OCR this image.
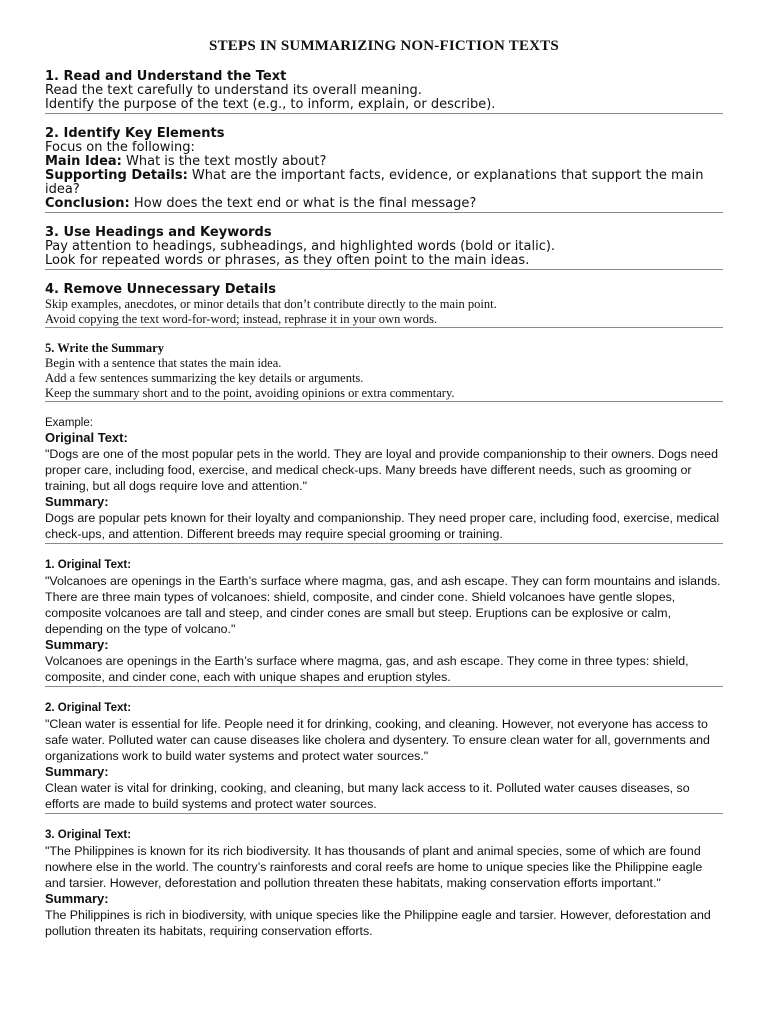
STEPS IN SUMMARIZING NON-FICTION TEXTS
1. Read and Understand the Text
Read the text carefully to understand its overall meaning.
Identify the purpose of the text (e.g., to inform, explain, or describe).
2. Identify Key Elements
Focus on the following:
Main Idea: What is the text mostly about?
Supporting Details: What are the important facts, evidence, or explanations that support the main idea?
Conclusion: How does the text end or what is the final message?
3. Use Headings and Keywords
Pay attention to headings, subheadings, and highlighted words (bold or italic).
Look for repeated words or phrases, as they often point to the main ideas.
4. Remove Unnecessary Details
Skip examples, anecdotes, or minor details that don’t contribute directly to the main point.
Avoid copying the text word-for-word; instead, rephrase it in your own words.
5. Write the Summary
Begin with a sentence that states the main idea.
Add a few sentences summarizing the key details or arguments.
Keep the summary short and to the point, avoiding opinions or extra commentary.
Example:
Original Text:

"Dogs are one of the most popular pets in the world. They are loyal and provide companionship to their owners. Dogs need proper care, including food, exercise, and medical check-ups. Many breeds have different needs, such as grooming or training, but all dogs require love and attention."

Summary:

Dogs are popular pets known for their loyalty and companionship. They need proper care, including food, exercise, medical check-ups, and attention. Different breeds may require special grooming or training.

1. Original Text:

"Volcanoes are openings in the Earth’s surface where magma, gas, and ash escape. They can form mountains and islands. There are three main types of volcanoes: shield, composite, and cinder cone. Shield volcanoes have gentle slopes, composite volcanoes are tall and steep, and cinder cones are small but steep. Eruptions can be explosive or calm, depending on the type of volcano."

Summary:

Volcanoes are openings in the Earth’s surface where magma, gas, and ash escape. They come in three types: shield, composite, and cinder cone, each with unique shapes and eruption styles.

2. Original Text:

"Clean water is essential for life. People need it for drinking, cooking, and cleaning. However, not everyone has access to safe water. Polluted water can cause diseases like cholera and dysentery. To ensure clean water for all, governments and organizations work to build water systems and protect water sources."

Summary:

Clean water is vital for drinking, cooking, and cleaning, but many lack access to it. Polluted water causes diseases, so efforts are made to build systems and protect water sources.

3. Original Text:

"The Philippines is known for its rich biodiversity. It has thousands of plant and animal species, some of which are found nowhere else in the world. The country’s rainforests and coral reefs are home to unique species like the Philippine eagle and tarsier. However, deforestation and pollution threaten these habitats, making conservation efforts important."

Summary:

The Philippines is rich in biodiversity, with unique species like the Philippine eagle and tarsier. However, deforestation and pollution threaten its habitats, requiring conservation efforts.
